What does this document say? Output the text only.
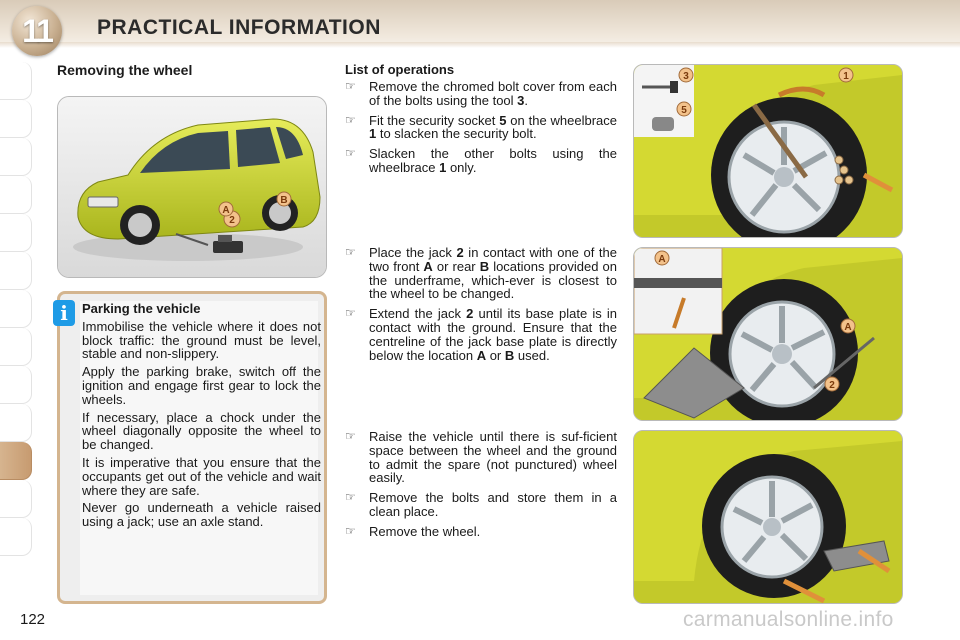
11	PRACTICAL INFORMATION
Removing the wheel
2
A
B
i	Parking the vehicle

Immobilise the vehicle where it does not block traffic: the ground must be level, stable and non-slippery.

Apply the parking brake, switch off the ignition and engage first gear to lock the wheels.

If necessary, place a chock under the wheel diagonally opposite the wheel to be changed.

It is imperative that you ensure that the occupants get out of the vehicle and wait where they are safe.

Never go underneath a vehicle raised using a jack; use an axle stand.

List of operations
☞ Remove the chromed bolt cover from each of the bolts using the tool 3.
☞ Fit the security socket 5 on the wheelbrace 1 to slacken the security bolt.
☞ Slacken the other bolts using the wheelbrace 1 only.
☞ Place the jack 2 in contact with one of the two front A or rear B locations provided on the underframe, which-ever is closest to the wheel to be changed.
☞ Extend the jack 2 until its base plate is in contact with the ground. Ensure that the centreline of the jack base plate is directly below the location A or B used.
☞ Raise the vehicle until there is suf-ficient space between the wheel and the ground to admit the spare (not punctured) wheel easily.
☞ Remove the bolts and store them in a clean place.
☞ Remove the wheel.
3	1
5
A
A
2
122	carmanualsonline.info
